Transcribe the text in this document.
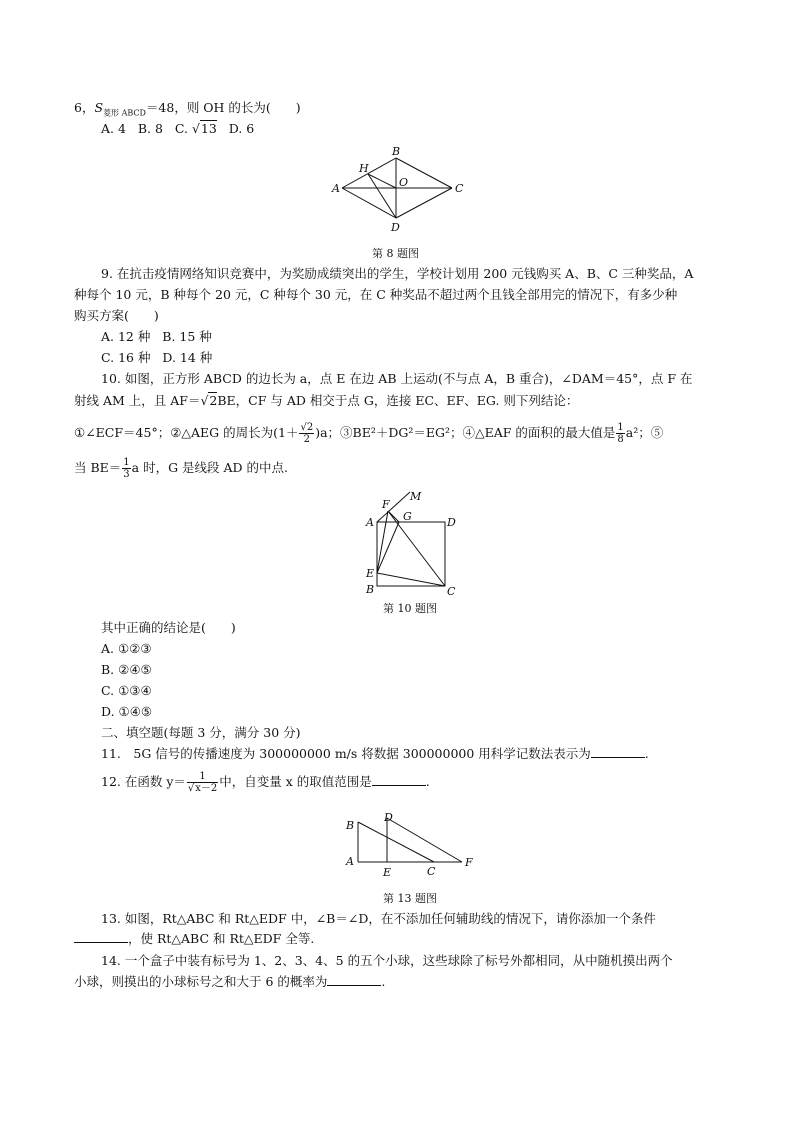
6，$S_{菱形 ABCD}=48$，则 OH 的长为(　　)
A. 4 B. 8 C. √13 D. 6
A
B
C
D
H
O
第 8 题图
9. 在抗击疫情网络知识竞赛中，为奖励成绩突出的学生，学校计划用 200 元钱购买 A、B、C 三种奖品，A
种每个 10 元，B 种每个 20 元，C 种每个 30 元，在 C 种奖品不超过两个且钱全部用完的情况下，有多少种
购买方案(　　)
A. 12 种 B. 15 种
C. 16 种 D. 14 种
10. 如图，正方形 ABCD 的边长为 a，点 E 在边 AB 上运动(不与点 A，B 重合)，∠DAM＝45°，点 F 在
射线 AM 上，且 AF＝√2BE，CF 与 AD 相交于点 G，连接 EC、EF、EG. 则下列结论：
①∠ECF＝45°；②△AEG 的周长为$(1+ \frac{√2}{2} )a$；③BE²＋DG²＝EG²；④△EAF 的面积的最大值是 $\frac{1}{8} a^2$；⑤
当 $BE= \frac{1}{3}$ a 时，G 是线段 AD 的中点.
A
B	C
D
E
F
G
M
第 10 题图
其中正确的结论是(　　)
A. ①②③
B. ②④⑤
C. ①③④
D. ①④⑤
二、填空题(每题 3 分，满分 30 分)
11.　5G 信号的传播速度为 300000000 m/s 将数据 300000000 用科学记数法表示为	.
12. 在函数 $y= \frac{1}{√x-2}$ 中，自变量 x 的取值范围是	.
A
B
C
D
E
F
第 13 题图
13. 如图，Rt△ABC 和 Rt△EDF 中，∠B＝∠D，在不添加任何辅助线的情况下，请你添加一个条件
，使 Rt△ABC 和 Rt△EDF 全等.
14. 一个盒子中装有标号为 1、2、3、4、5 的五个小球，这些球除了标号外都相同，从中随机摸出两个
小球，则摸出的小球标号之和大于 6 的概率为	.
